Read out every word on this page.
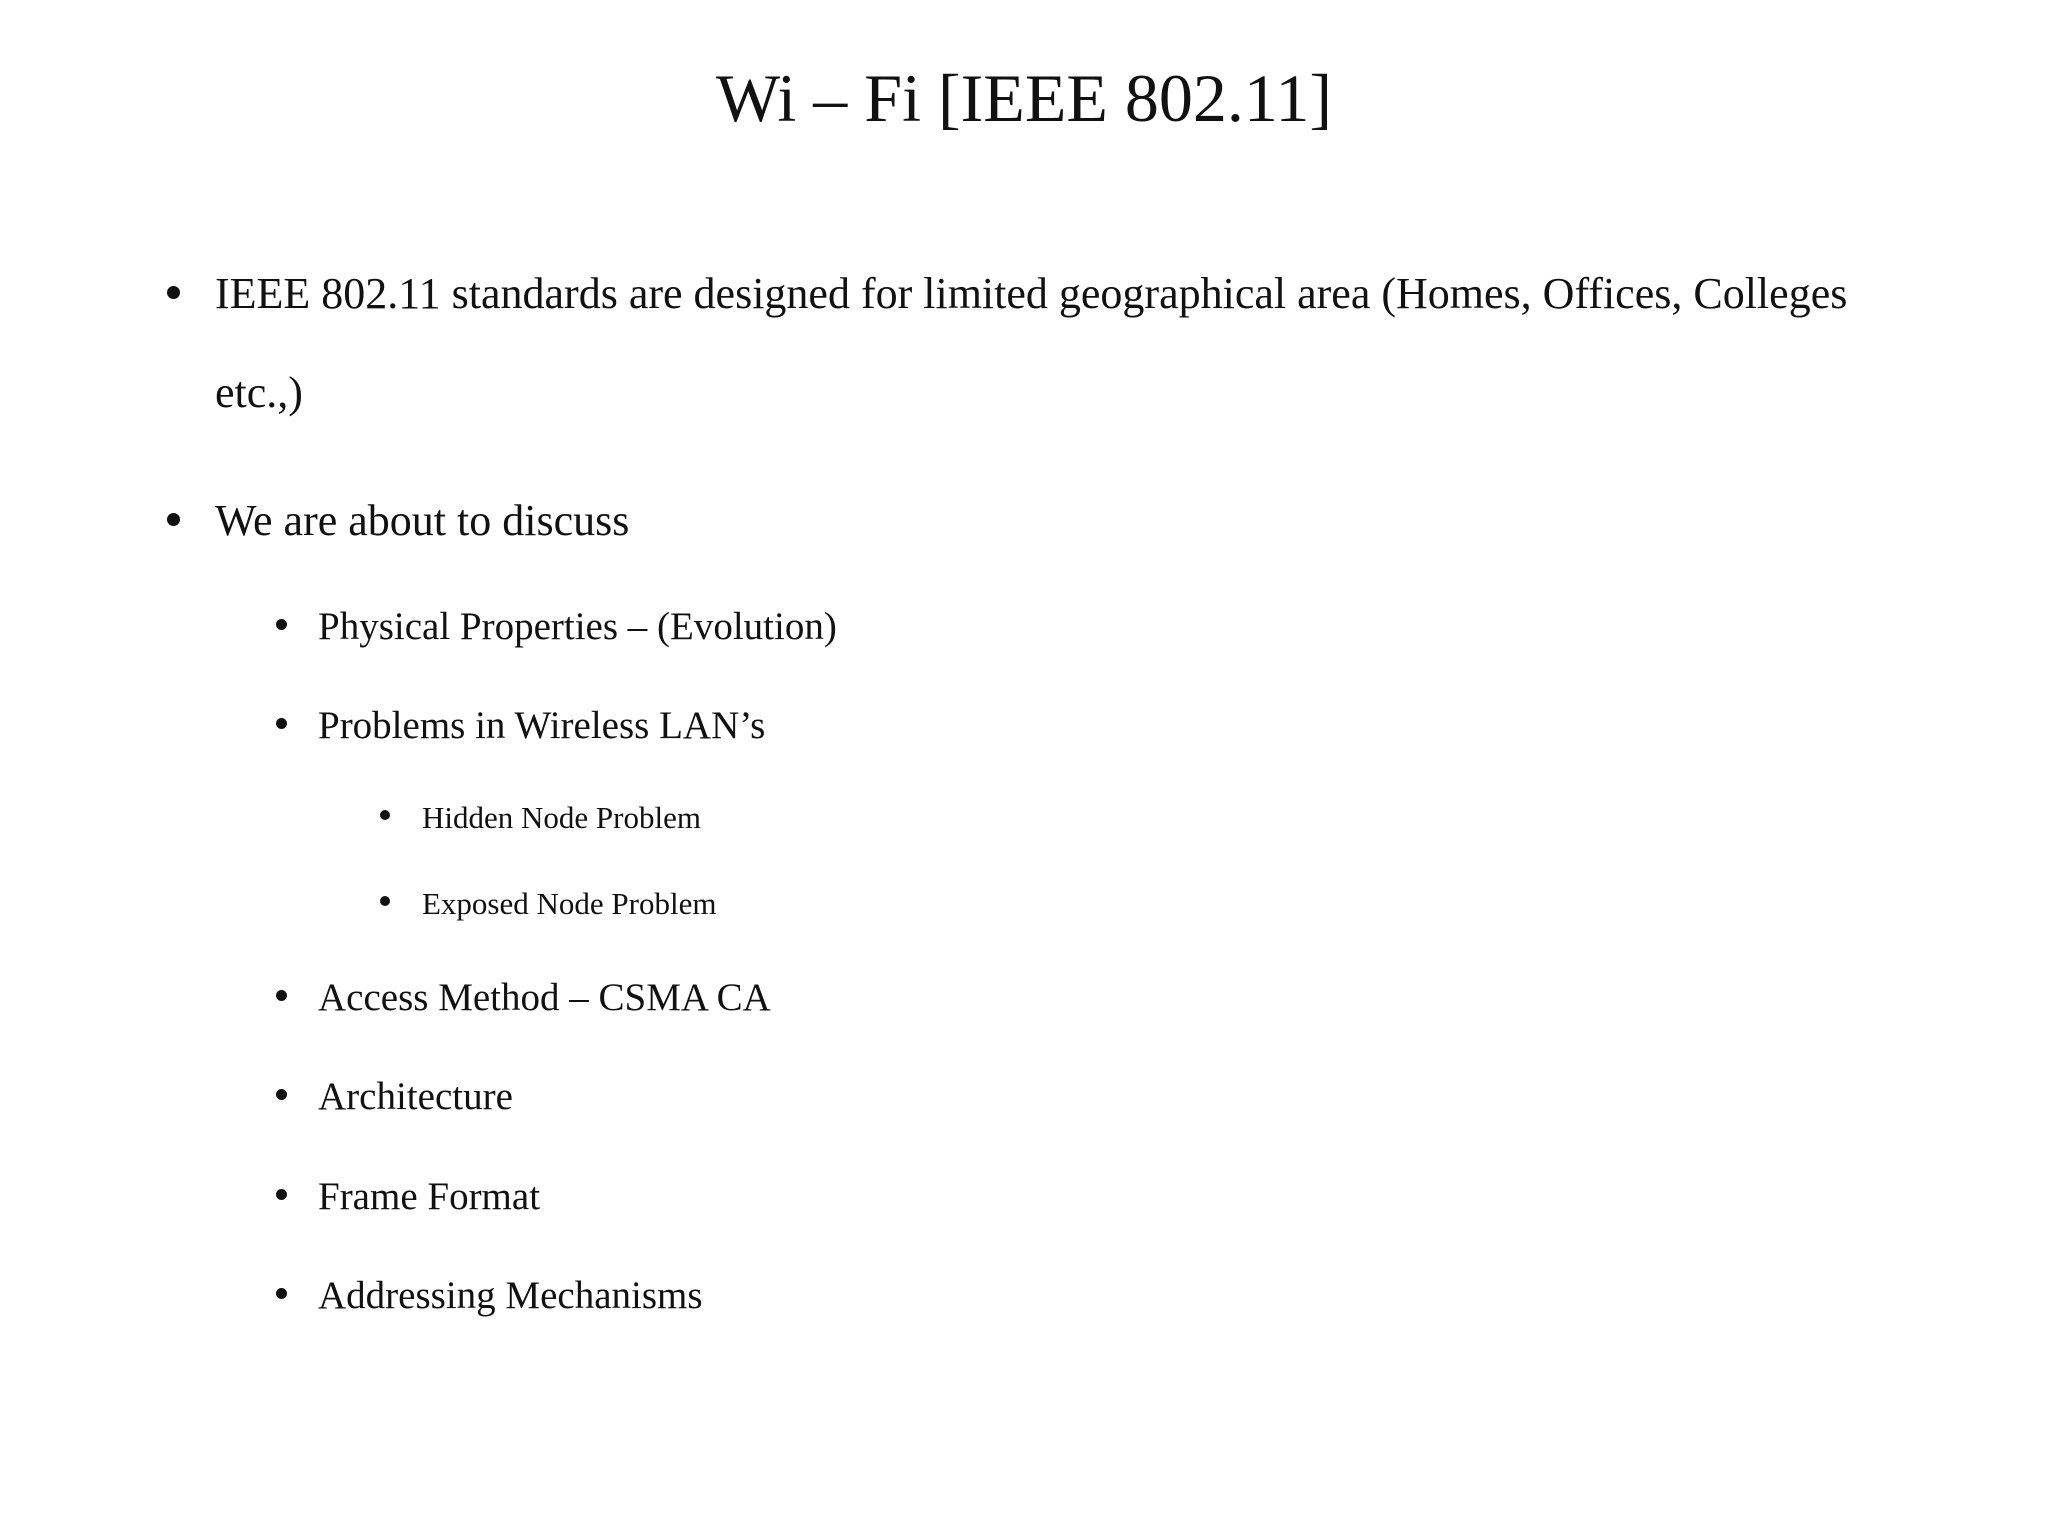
Wi – Fi [IEEE 802.11]
IEEE 802.11 standards are designed for limited geographical area (Homes, Offices, Colleges
etc.,)
We are about to discuss
Physical Properties – (Evolution)
Problems in Wireless LAN’s
Hidden Node Problem
Exposed Node Problem
Access Method – CSMA CA
Architecture
Frame Format
Addressing Mechanisms
